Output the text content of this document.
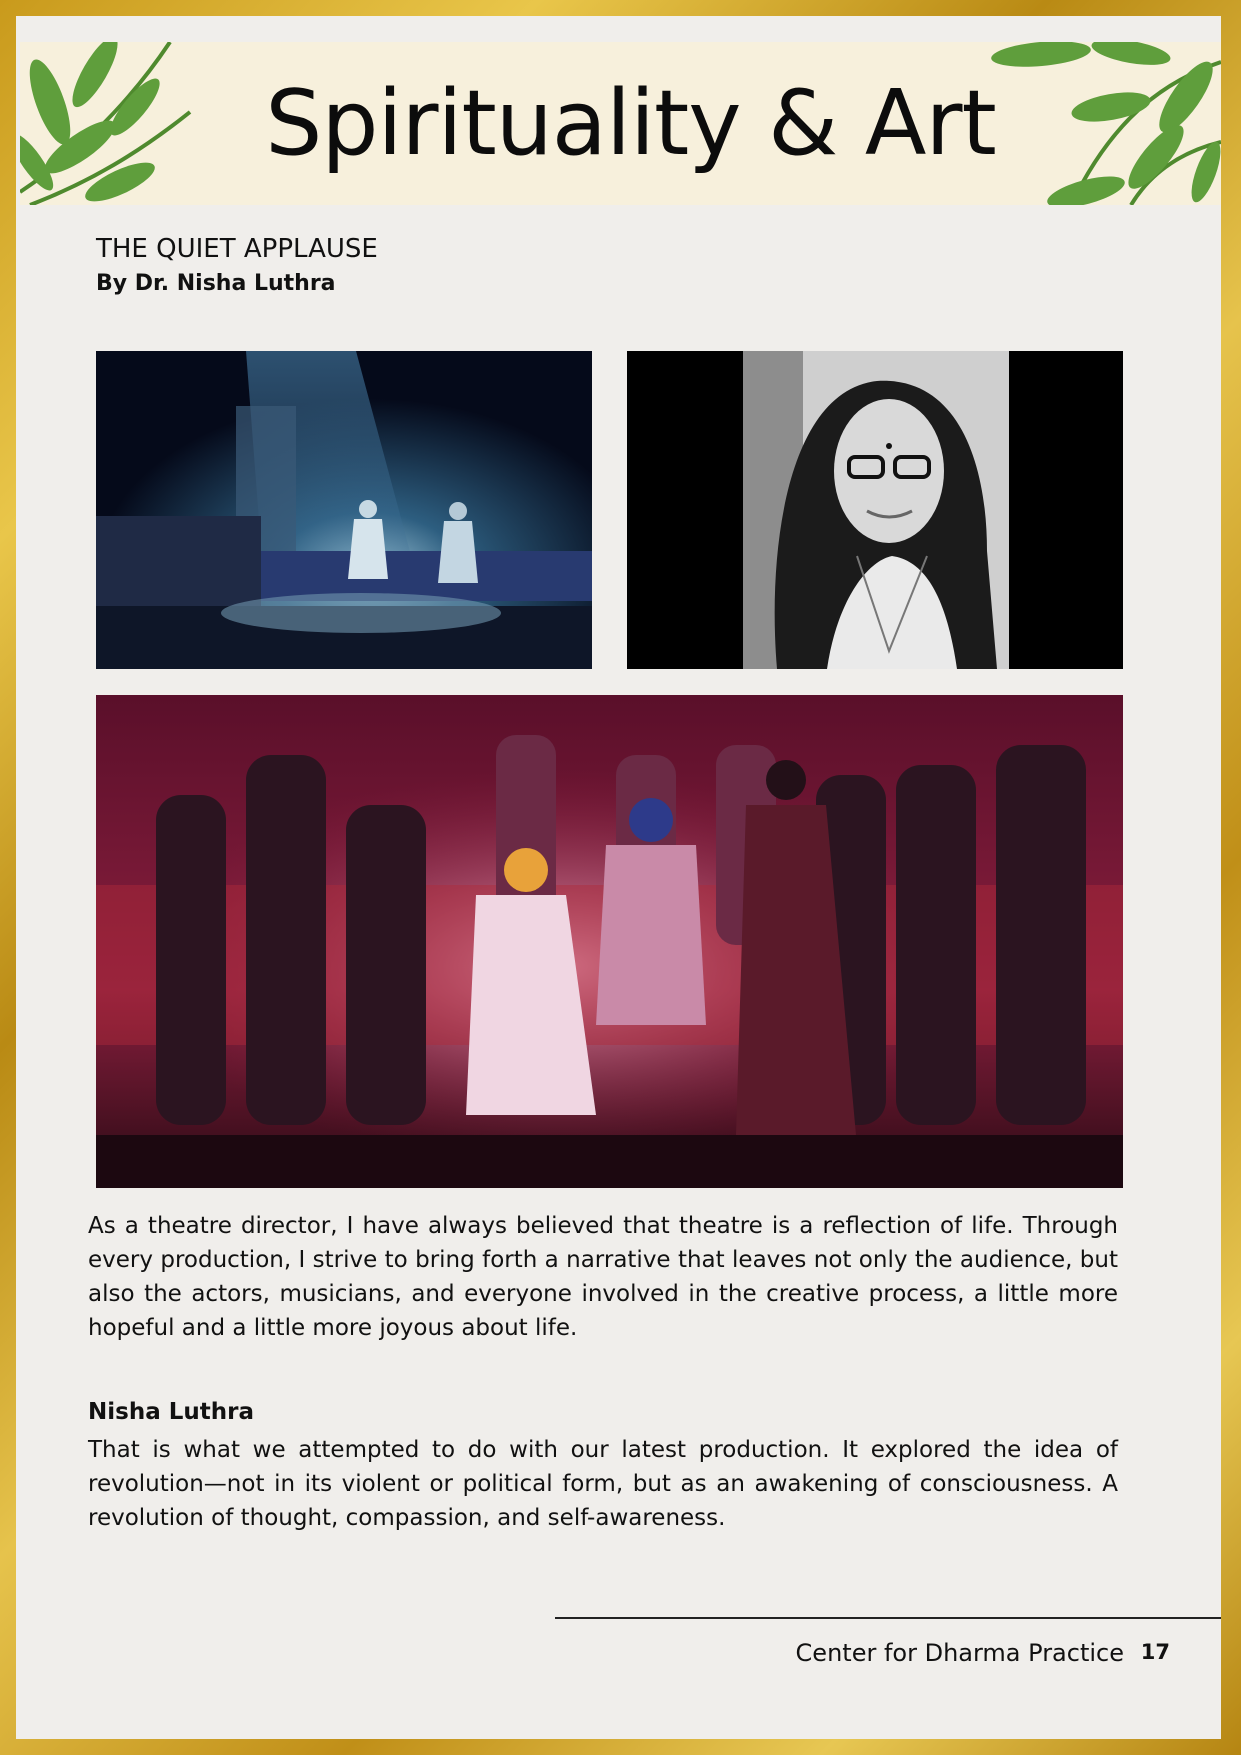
Spirituality & Art
THE QUIET APPLAUSE

By Dr. Nisha Luthra

As a theatre director, I have always believed that theatre is a reflection of life. Through every production, I strive to bring forth a narrative that leaves not only the audience, but also the actors, musicians, and everyone involved in the creative process, a little more hopeful and a little more joyous about life.

Nisha Luthra

That is what we attempted to do with our latest production. It explored the idea of revolution—not in its violent or political form, but as an awakening of consciousness. A revolution of thought, compassion, and self-awareness.

Center for Dharma Practice 17
